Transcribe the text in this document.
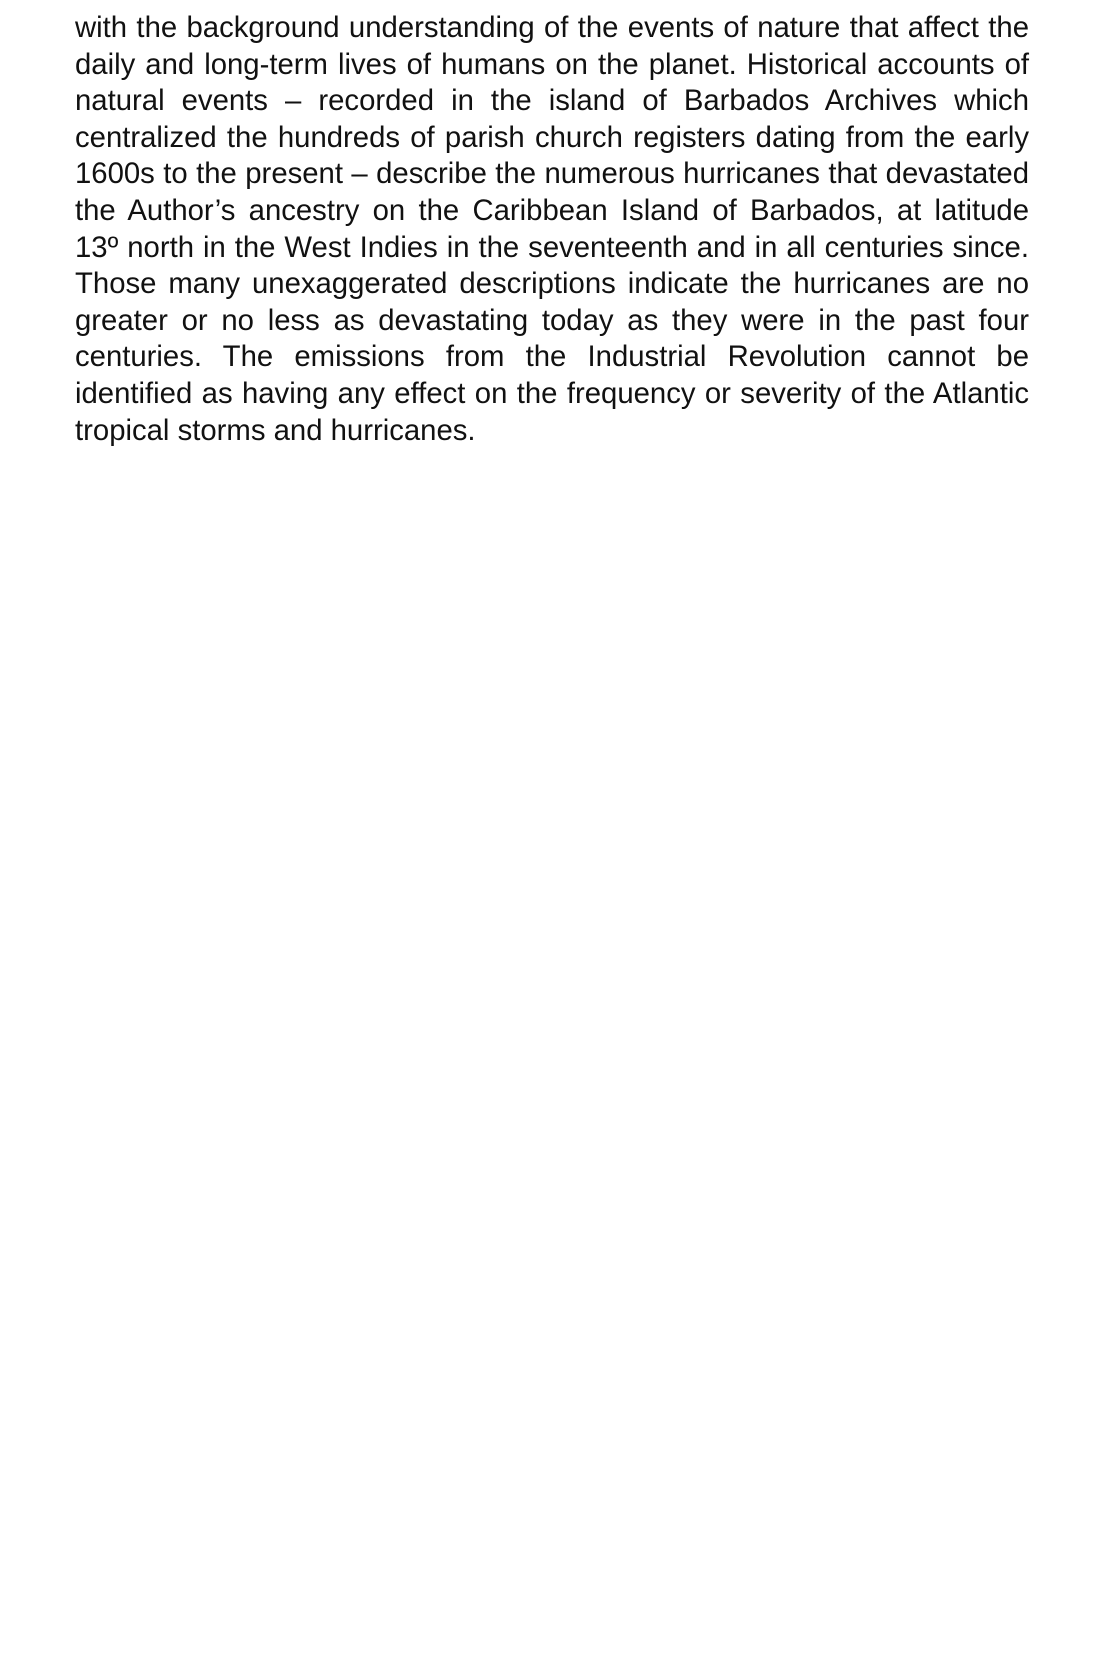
with the background understanding of the events of nature that affect the daily and long-term lives of humans on the planet. Historical accounts of natural events – recorded in the island of Barbados Archives which centralized the hundreds of parish church registers dating from the early 1600s to the present – describe the numerous hurricanes that devastated the Author’s ancestry on the Caribbean Island of Barbados, at latitude 13º north in the West Indies in the seventeenth and in all centuries since. Those many unexaggerated descriptions indicate the hurricanes are no greater or no less as devastating today as they were in the past four centuries. The emissions from the Industrial Revolution cannot be identified as having any effect on the frequency or severity of the Atlantic tropical storms and hurricanes.
